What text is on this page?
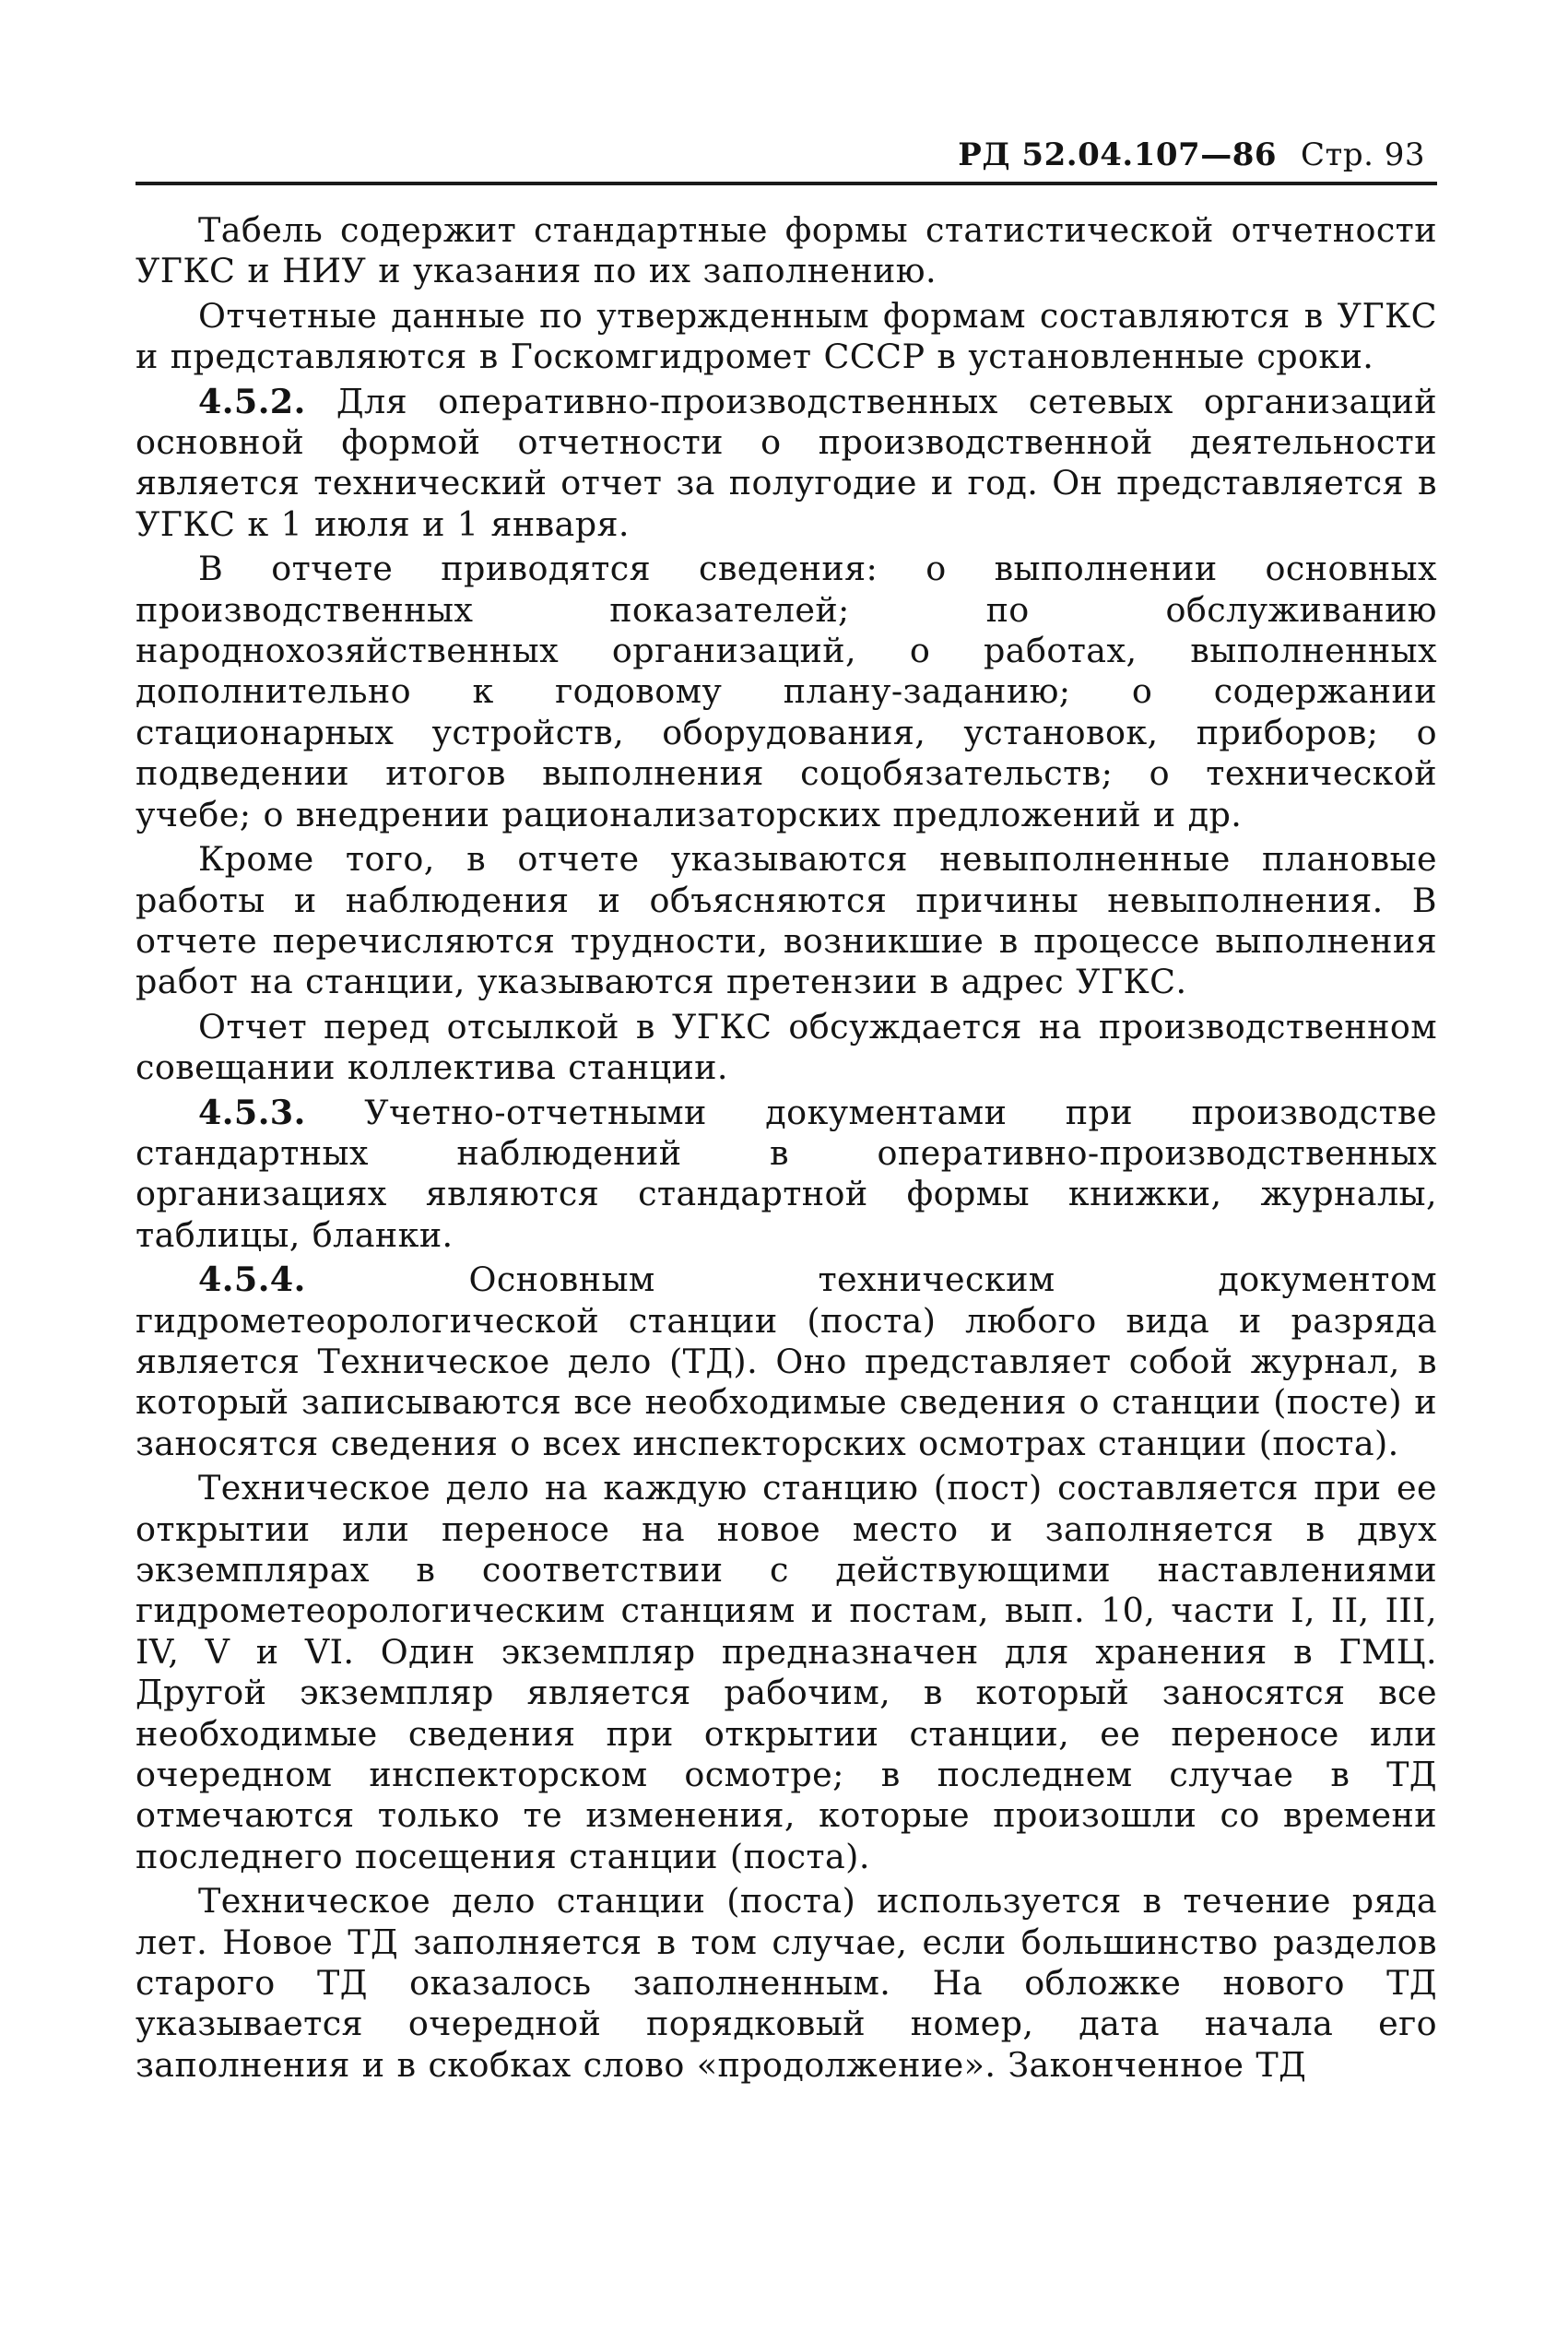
РД 52.04.107—86 Стр. 93

Табель содержит стандартные формы статистической отчетности УГКС и НИУ и указания по их заполнению.

Отчетные данные по утвержденным формам составляются в УГКС и представляются в Госкомгидромет СССР в установленные сроки.

4.5.2. Для оперативно-производственных сетевых организаций основной формой отчетности о производственной деятельности является технический отчет за полугодие и год. Он представляется в УГКС к 1 июля и 1 января.

В отчете приводятся сведения: о выполнении основных производственных показателей; по обслуживанию народнохозяйственных организаций, о работах, выполненных дополнительно к годовому плану-заданию; о содержании стационарных устройств, оборудования, установок, приборов; о подведении итогов выполнения соцобязательств; о технической учебе; о внедрении рационализаторских предложений и др.

Кроме того, в отчете указываются невыполненные плановые работы и наблюдения и объясняются причины невыполнения. В отчете перечисляются трудности, возникшие в процессе выполнения работ на станции, указываются претензии в адрес УГКС.

Отчет перед отсылкой в УГКС обсуждается на производственном совещании коллектива станции.

4.5.3. Учетно-отчетными документами при производстве стандартных наблюдений в оперативно-производственных организациях являются стандартной формы книжки, журналы, таблицы, бланки.

4.5.4.	Основным техническим документом гидрометеорологической станции (поста) любого вида и разряда является Техническое дело (ТД). Оно представляет собой журнал, в который записываются все необходимые сведения о станции (посте) и заносятся сведения о всех инспекторских осмотрах станции (поста).

Техническое дело на каждую станцию (пост) составляется при ее открытии или переносе на новое место и заполняется в двух экземплярах в соответствии с действующими наставлениями гидрометеорологическим станциям и постам, вып. 10, части I, II, III, IV, V и VI. Один экземпляр предназначен для хранения в ГМЦ. Другой экземпляр является рабочим, в который заносятся все необходимые сведения при открытии станции, ее переносе или очередном инспекторском осмотре; в последнем случае в ТД отмечаются только те изменения, которые произошли со времени последнего посещения станции (поста).

Техническое дело станции (поста) используется в течение ряда лет. Новое ТД заполняется в том случае, если большинство разделов старого ТД оказалось заполненным. На обложке нового ТД указывается очередной порядковый номер, дата начала его заполнения и в скобках слово «продолжение». Законченное ТД
